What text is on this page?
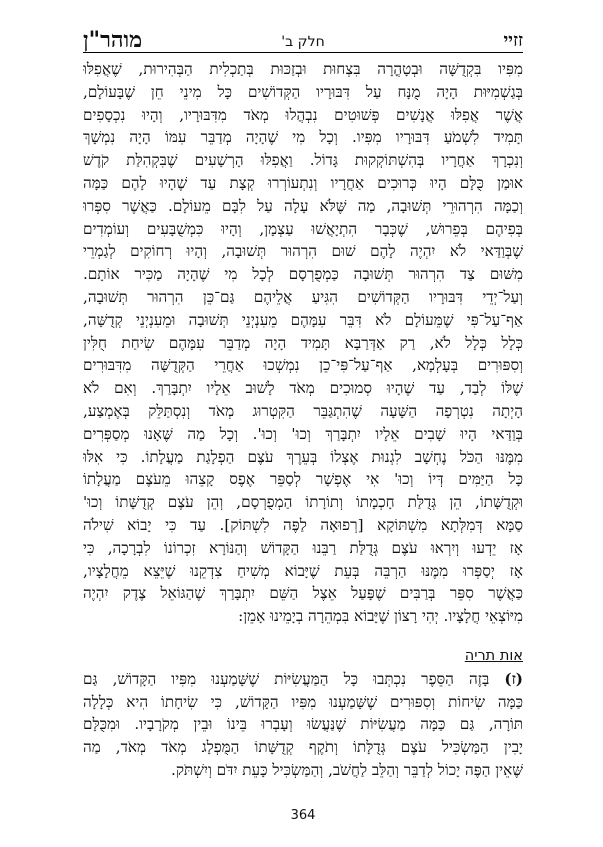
זזיי
חלק ב'
מוהר"ן
מִפִּיו בִּקְדֻשָּׁה וּבְטָהֳרָה בִּצְחוּת וּבְזַכּוּת בְּתַכְלִית הַבְּהִירוּת, שֶׁאֲפִלּוּ
בְּגַשְׁמִיּוּת הָיָה מֻנָּח עַל דִּבּוּרָיו הַקְּדוֹשִׁים כָּל מִינֵי חֵן שֶׁבָּעוֹלָם,
אֲשֶׁר אֲפִלּוּ אֲנָשִׁים פְּשׁוּטִים נִבְהֲלוּ מְאֹד מִדִּבּוּרָיו, וְהָיוּ נִכְסָפִים
תָּמִיד לִשְׁמֹעַ דִּבּוּרָיו מִפִּיו. וְכָל מִי שֶׁהָיָה מְדַבֵּר עִמּוֹ הָיָה נִמְשָׁךְ
וְנִכְרָךְ אַחֲרָיו בְּהִשְׁתּוֹקְקוּת גָּדוֹל. וַאֲפִלּוּ הָרְשָׁעִים שֶׁבִּקְהִלַּת קֹדֶשׁ
אוּמַן כֻּלָּם הָיוּ כְּרוּכִים אַחֲרָיו וְנִתְעוֹרְרוּ קְצָת עַד שֶׁהָיוּ לָהֶם כַּמָּה
וְכַמָּה הִרְהוּרֵי תְּשׁוּבָה, מַה שֶּׁלֹּא עָלָה עַל לִבָּם מֵעוֹלָם. כַּאֲשֶׁר סִפְּרוּ
בְּפִיהֶם בְּפֵרוּשׁ, שֶׁכְּבָר הִתְיָאֲשׁוּ עַצְמָן, וְהָיוּ כִּמְשֻׁבָּעִים וְעוֹמְדִים
שֶׁבְּוַדַּאי לֹא יִהְיֶה לָהֶם שׁוּם הִרְהוּר תְּשׁוּבָה, וְהָיוּ רְחוֹקִים לְגַמְרֵי
מִשּׁוּם צַד הִרְהוּר תְּשׁוּבָה כַּמְפֻרְסָם לְכָל מִי שֶׁהָיָה מַכִּיר אוֹתָם.
וְעַל־יְדֵי דִּבּוּרָיו הַקְּדוֹשִׁים הִגִּיעַ אֲלֵיהֶם גַּם־כֵּן הִרְהוּר תְּשׁוּבָה,
אַף־עַל־פִּי שֶׁמֵּעוֹלָם לֹא דִּבֵּר עִמָּהֶם מֵעִנְיְנֵי תְּשׁוּבָה וּמֵעִנְיְנֵי קְדֻשָּׁה,
כְּלָל כְּלָל לֹא, רַק אַדְּרַבָּא תָּמִיד הָיָה מְדַבֵּר עִמָּהֶם שִׂיחַת חֻלִּין
וְסִפּוּרִים בְּעָלְמָא, אַף־עַל־פִּי־כֵן נִמְשְׁכוּ אַחֲרֵי הַקְּדֻשָּׁה מִדִּבּוּרִים
שֶׁלּוֹ לְבַד, עַד שֶׁהָיוּ סְמוּכִים מְאֹד לָשׁוּב אֵלָיו יִתְבָּרַךְ. וְאִם לֹא
הָיְתָה נִטְרְפָה הַשָּׁעָה שֶׁהִתְגַּבֵּר הַקִּטְרוּג מְאֹד וְנִסְתַּלֵּק בְּאֶמְצַע,
בְּוַדַּאי הָיוּ שָׁבִים אֵלָיו יִתְבָּרַךְ וְכוּ' וְכוּ'. וְכָל מַה שֶּׁאָנוּ מְסַפְּרִים
מִמֶּנּוּ הַכֹּל נֶחְשָׁב לִגְנוּת אֶצְלוֹ בְּעֵרֶךְ עֹצֶם הַפְלָגַת מַעֲלָתוֹ. כִּי אִלּוּ
כָּל הַיַּמִּים דְּיוֹ וְכוּ' אִי אֶפְשָׁר לְסַפֵּר אֶפֶס קָצֵהוּ מֵעֹצֶם מַעֲלָתוֹ
וּקְדֻשָּׁתוֹ, הֵן גְּדֻלַּת חָכְמָתוֹ וְתוֹרָתוֹ הַמְפֻרְסָם, וְהֵן עֹצֶם קְדֻשָּׁתוֹ וְכוּ'
סַמָּא דְּמִלְּתָא מִשְׁתּוֹקָא [רְפוּאָה לַפֶּה לִשְׁתּוֹק]. עַד כִּי יָבוֹא שִׁילֹה
אָז יֵדְעוּ וְיִרְאוּ עֹצֶם גְּדֻלַּת רַבֵּנוּ הַקָּדוֹשׁ וְהַנּוֹרָא זִכְרוֹנוֹ לִבְרָכָה, כִּי
אָז יְסַפְּרוּ מִמֶּנּוּ הַרְבֵּה בְּעֵת שֶׁיָּבוֹא מְשִׁיחַ צִדְקֵנוּ שֶׁיֵּצֵא מֵחֲלָצָיו,
כַּאֲשֶׁר סִפֵּר בְּרַבִּים שֶׁפָּעַל אֵצֶל הַשֵּׁם יִתְבָּרַךְ שֶׁהַגּוֹאֵל צֶדֶק יִהְיֶה
מִיּוֹצְאֵי חֲלָצָיו. יְהִי רָצוֹן שֶׁיָּבוֹא בִּמְהֵרָה בְיָמֵינוּ אָמֵן:
אות תריה
(ז) בָּזֶה הַסֵּפֶר נִכְתְּבוּ כָּל הַמַּעֲשִׂיּוֹת שֶׁשָּׁמַעְנוּ מִפִּיו הַקָּדוֹשׁ, גַּם
כַּמָּה שִׂיחוֹת וְסִפּוּרִים שֶׁשָּׁמַעְנוּ מִפִּיו הַקָּדוֹשׁ, כִּי שִׂיחָתוֹ הִיא כְּלָלָה
תּוֹרָה, גַּם כַּמָּה מַעֲשִׂיּוֹת שֶׁנַּעֲשׂוּ וְעָבְרוּ בֵּינוֹ וּבֵין מְקֹרָבָיו. וּמִכֻּלָּם
יָבִין הַמַּשְׂכִּיל עֹצֶם גְּדֻלָּתוֹ וְתֹקֶף קְדֻשָּׁתוֹ הַמֻּפְלָג מְאֹד מְאֹד, מַה
שֶּׁאֵין הַפֶּה יָכוֹל לְדַבֵּר וְהַלֵּב לַחֲשֹׁב, וְהַמַּשְׂכִּיל כָּעֵת יִדֹּם וְיִשְׁתֹּק.
364
